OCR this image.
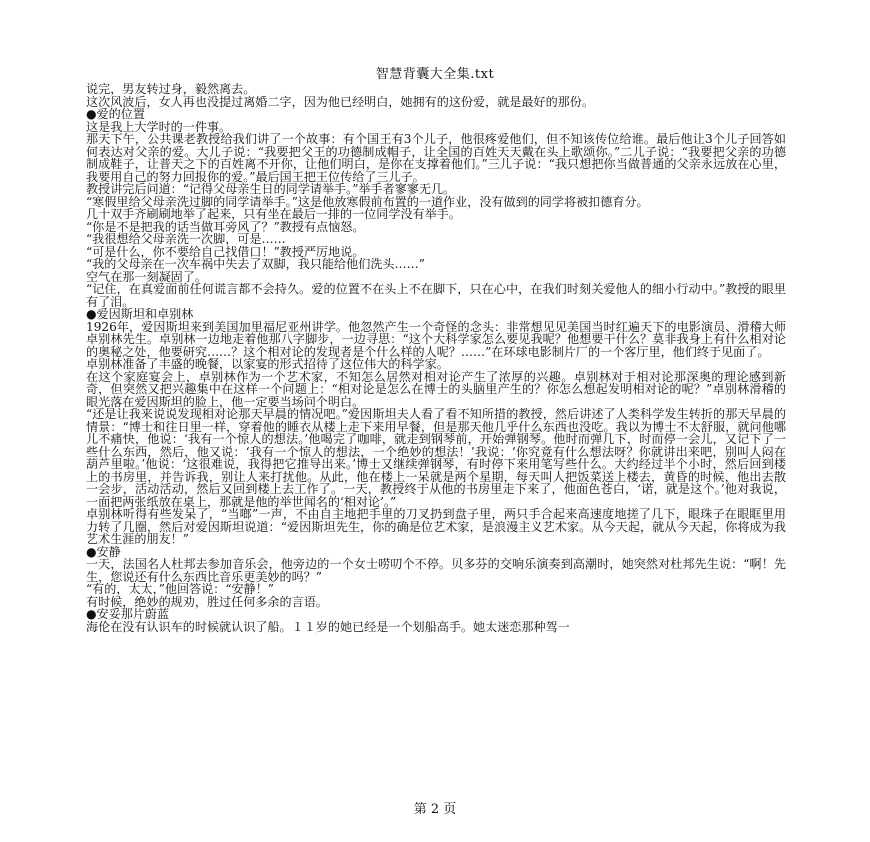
智慧背囊大全集.txt

说完，男友转过身，毅然离去。

这次风波后，女人再也没提过离婚二字，因为他已经明白，她拥有的这份爱，就是最好的那份。

●爱的位置

这是我上大学时的一件事。

那天下午，公共课老教授给我们讲了一个故事：有个国王有3个儿子，他很疼爱他们，但不知该传位给谁。最后他让3个儿子回答如何表达对父亲的爱。大儿子说：“我要把父王的功德制成帽子，让全国的百姓天天戴在头上歌颂你。”二儿子说：“我要把父亲的功德制成鞋子，让普天之下的百姓离不开你，让他们明白，是你在支撑着他们。”三儿子说：“我只想把你当做普通的父亲永远放在心里，我要用自己的努力回报你的爱。”最后国王把王位传给了三儿子。

教授讲完后问道：“记得父母亲生日的同学请举手。”举手者寥寥无几。

“寒假里给父母亲洗过脚的同学请举手。”这是他放寒假前布置的一道作业，没有做到的同学将被扣德育分。

几十双手齐刷刷地举了起来，只有坐在最后一排的一位同学没有举手。

“你是不是把我的话当做耳旁风了？”教授有点恼怒。

“我很想给父母亲洗一次脚，可是……

“可是什么，你不要给自己找借口！”教授严厉地说。

“我的父母亲在一次车祸中失去了双脚，我只能给他们洗头……”

空气在那一刻凝固了。

“记住，在真爱面前任何谎言都不会持久。爱的位置不在头上不在脚下，只在心中，在我们时刻关爱他人的细小行动中。”教授的眼里有了泪。

●爱因斯坦和卓别林

1926年，爱因斯坦来到美国加里福尼亚州讲学。他忽然产生一个奇怪的念头：非常想见见美国当时红遍天下的电影演员、滑稽大师卓别林先生。卓别林一边地走着他那八字脚步，一边寻思：“这个大科学家怎么要见我呢？他想要干什么？莫非我身上有什么相对论的奥秘之处，他要研究……？这个相对论的发现者是个什么样的人呢？……”在环球电影制片厂的一个客厅里，他们终于见面了。

卓别林准备了丰盛的晚餐，以家宴的形式招待了这位伟大的科学家。

在这个家庭宴会上，卓别林作为一个艺术家，不知怎么居然对相对论产生了浓厚的兴趣。卓别林对于相对论那深奥的理论感到新奇，但突然又把兴趣集中在这样一个问题上：“相对论是怎么在博士的头脑里产生的？你怎么想起发明相对论的呢？”卓别林滑稽的眼光落在爱因斯坦的脸上，他一定要当场问个明白。

“还是让我来说说发现相对论那天早晨的情况吧。”爱因斯坦夫人看了看不知所措的教授，然后讲述了人类科学发生转折的那天早晨的情景：“博士和往日里一样，穿着他的睡衣从楼上走下来用早餐，但是那天他几乎什么东西也没吃。我以为博士不太舒服，就问他哪儿不痛快，他说：‘我有一个惊人的想法。’他喝完了咖啡，就走到钢琴前，开始弹钢琴。他时而弹几下，时而停一会儿，又记下了一些什么东西，然后，他又说：‘我有一个惊人的想法，一个绝妙的想法！’我说：‘你究竟有什么想法呀？你就讲出来吧，别叫人闷在葫芦里啦。’他说：‘这很难说，我得把它推导出来。’博士又继续弹钢琴，有时停下来用笔写些什么。大约经过半个小时，然后回到楼上的书房里，并告诉我，别让人来打扰他。从此，他在楼上一呆就是两个星期，每天叫人把饭菜送上楼去，黄昏的时候，他出去散一会步，活动活动，然后又回到楼上去工作了。一天，教授终于从他的书房里走下来了，他面色苍白，‘诺，就是这个。’他对我说，一面把两张纸放在桌上，那就是他的举世闻名的‘相对论’。”

卓别林听得有些发呆了，“当啷”一声，不由自主地把手里的刀叉扔到盘子里，两只手合起来高速度地搓了几下，眼珠子在眼眶里用力转了几圈，然后对爱因斯坦说道：“爱因斯坦先生，你的确是位艺术家，是浪漫主义艺术家。从今天起，就从今天起，你将成为我艺术生涯的朋友！”

●安静

一天，法国名人杜邦去参加音乐会，他旁边的一个女士唠叨个不停。贝多芬的交响乐演奏到高潮时，她突然对杜邦先生说：“啊！先生，您说还有什么东西比音乐更美妙的吗？”

“有的，太太，”他回答说：“安静！”

有时候，绝妙的规劝，胜过任何多余的言语。

●安妥那片蔚蓝

海伦在没有认识车的时候就认识了船。１１岁的她已经是一个划船高手。她太迷恋那种驾一

第 2 页
